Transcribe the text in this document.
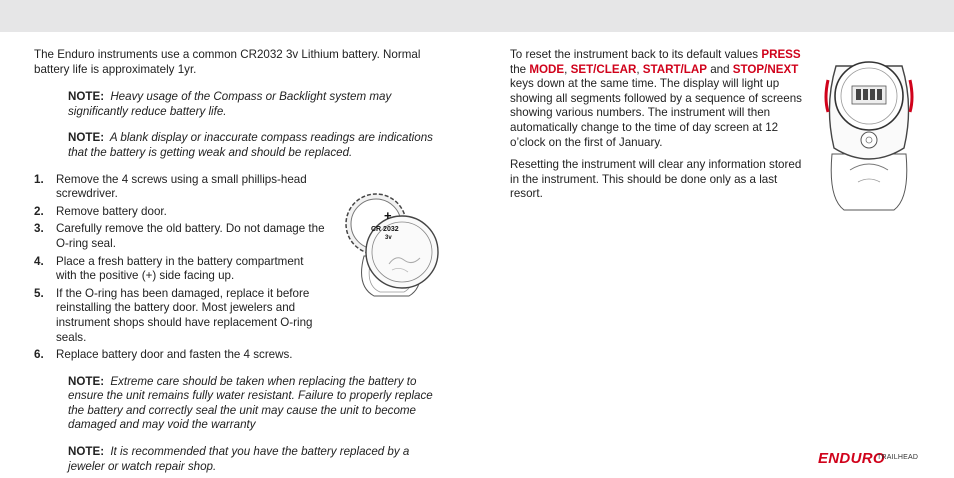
The Enduro instruments use a common CR2032 3v Lithium battery. Normal battery life is approximately 1yr.

NOTE: Heavy usage of the Compass or Backlight system may significantly reduce battery life.

NOTE: A blank display or inaccurate compass readings are indications that the battery is getting weak and should be replaced.

1. Remove the 4 screws using a small phillips-head screwdriver.
2. Remove battery door.
3. Carefully remove the old battery. Do not damage the O-ring seal.
4. Place a fresh battery in the battery compartment with the positive (+) side facing up.
5. If the O-ring has been damaged, replace it before reinstalling the battery door. Most jewelers and instrument shops should have replacement O-ring seals.
6. Replace battery door and fasten the 4 screws.

NOTE: Extreme care should be taken when replacing the battery to ensure the unit remains fully water resistant. Failure to properly replace the battery and correctly seal the unit may cause the unit to become damaged and may void the warranty

NOTE: It is recommended that you have the battery replaced by a jeweler or watch repair shop.

+
CR 2032
3v

To reset the instrument back to its default values PRESS the MODE, SET/CLEAR, START/LAP and STOP/NEXT keys down at the same time. The display will light up showing all segments followed by a sequence of screens showing various numbers. The instrument will then automatically change to the time of day screen at 12 o’clock on the first of January.

Resetting the instrument will clear any information stored in the instrument. This should be done only as a last resort.

ENDURO
TRAILHEAD
